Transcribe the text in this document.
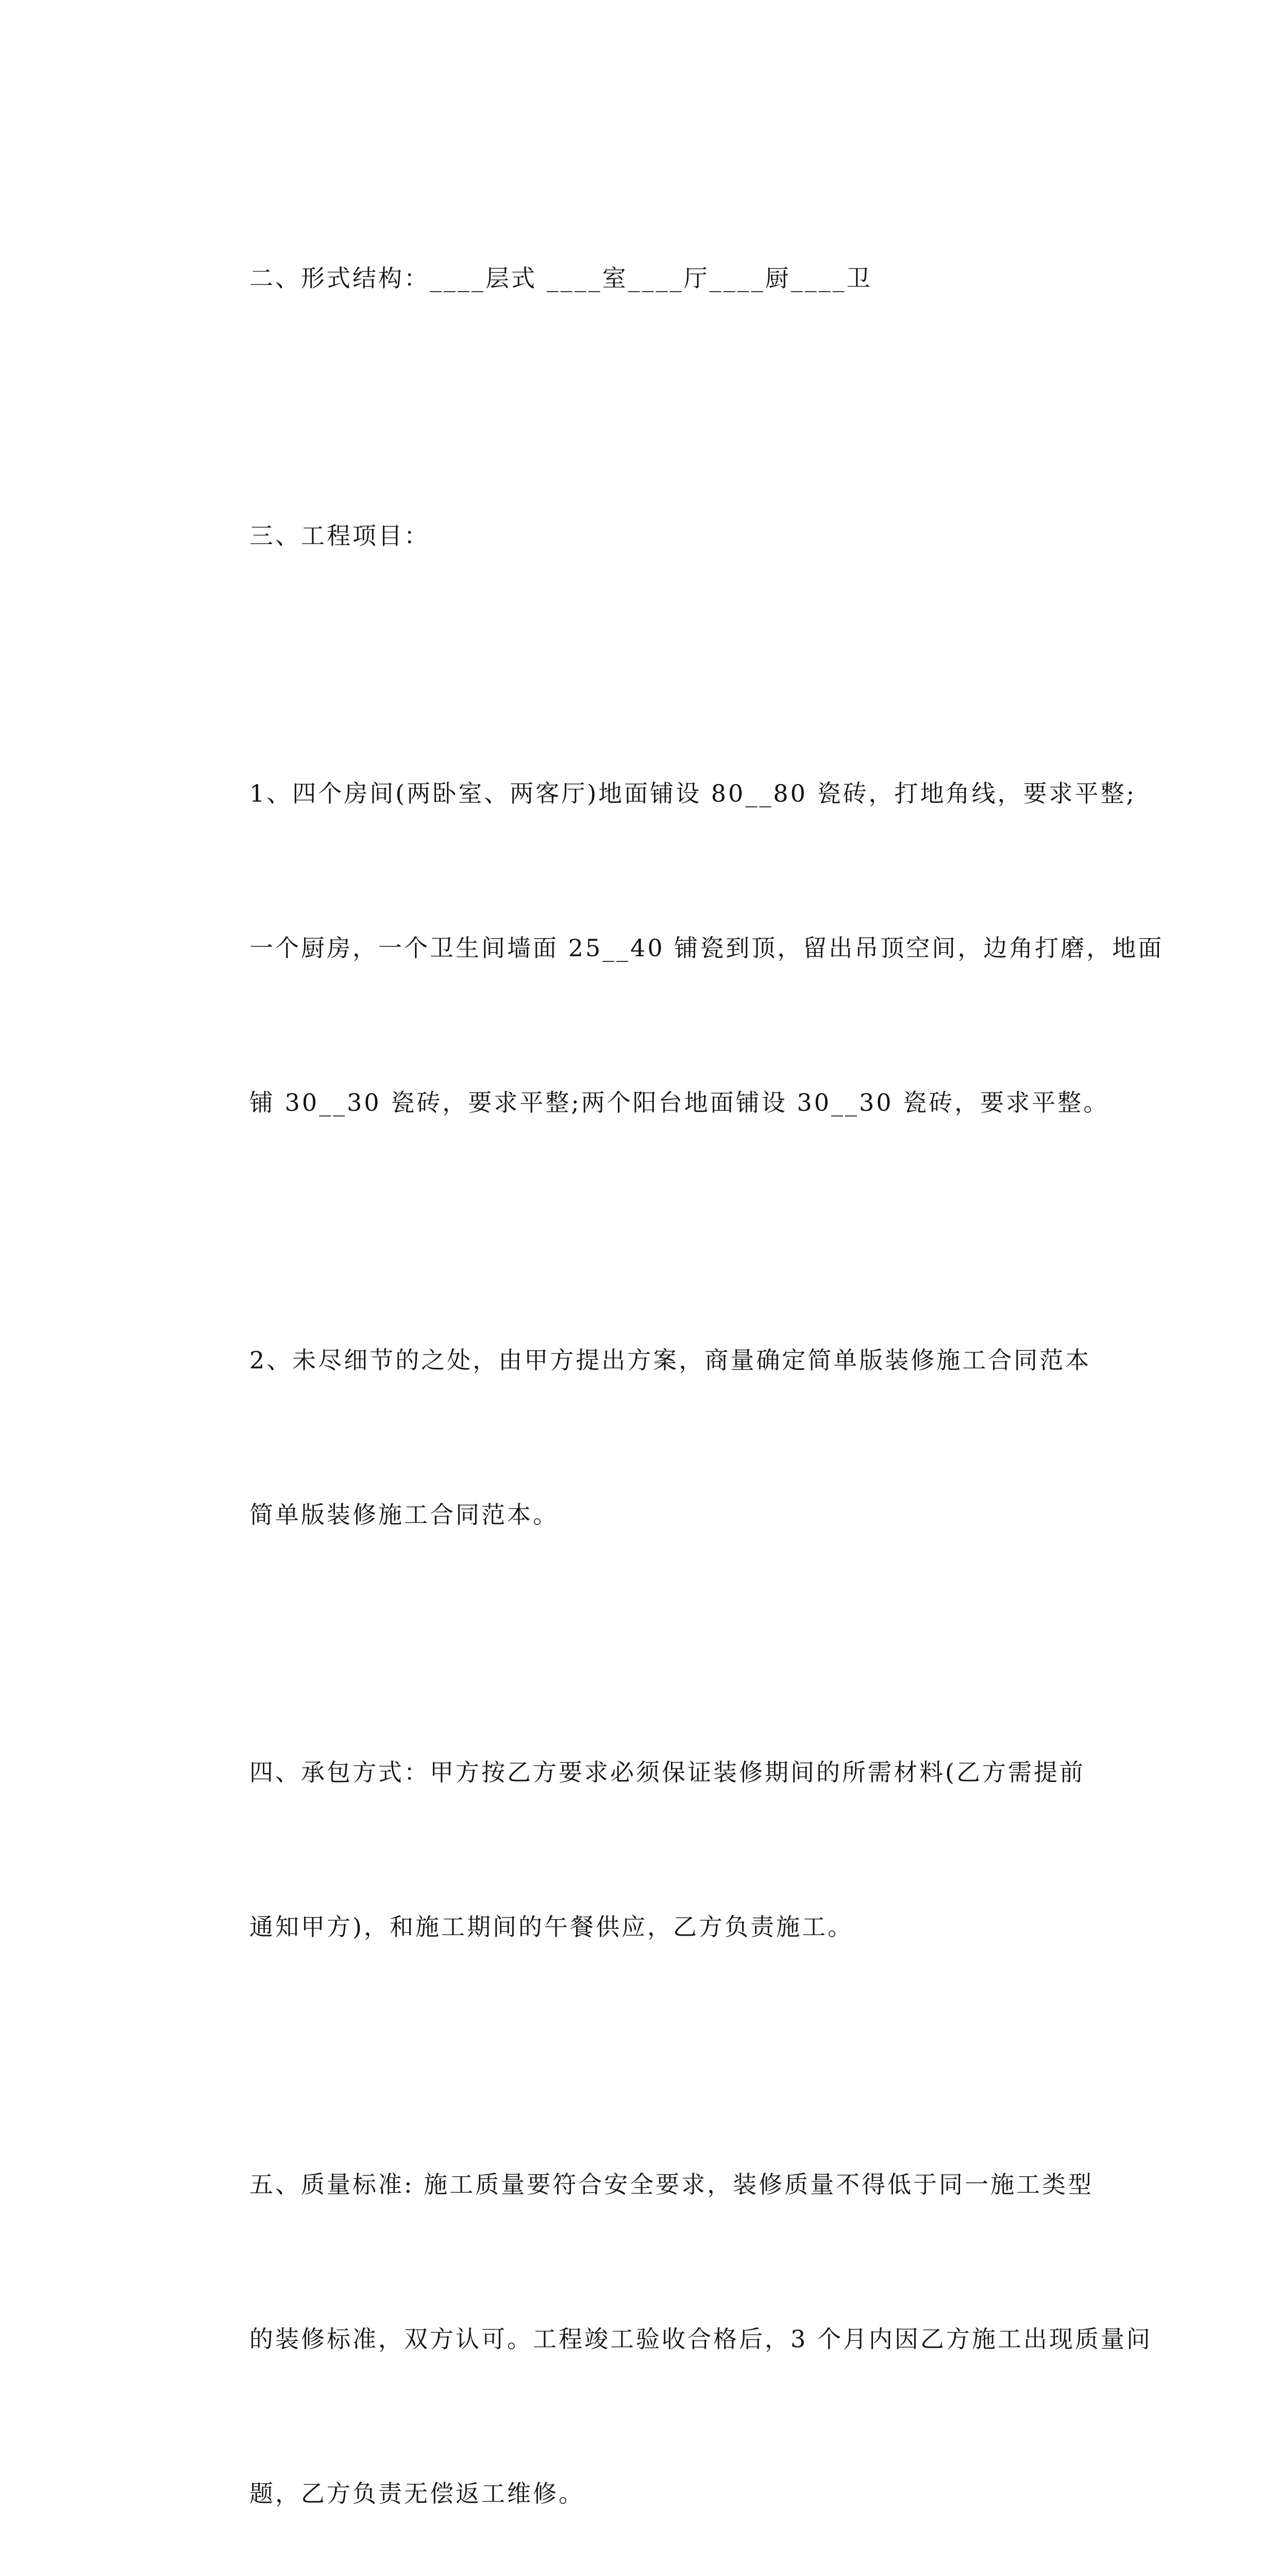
二、形式结构：____层式 ____室____厅____厨____卫

三、工程项目：

1、四个房间(两卧室、两客厅)地面铺设 80__80 瓷砖，打地角线，要求平整;

一个厨房，一个卫生间墙面 25__40 铺瓷到顶，留出吊顶空间，边角打磨，地面

铺 30__30 瓷砖，要求平整;两个阳台地面铺设 30__30 瓷砖，要求平整。

2、未尽细节的之处，由甲方提出方案，商量确定简单版装修施工合同范本

简单版装修施工合同范本。

四、承包方式：甲方按乙方要求必须保证装修期间的所需材料(乙方需提前

通知甲方)，和施工期间的午餐供应，乙方负责施工。

五、质量标准: 施工质量要符合安全要求，装修质量不得低于同一施工类型

的装修标准，双方认可。工程竣工验收合格后，3 个月内因乙方施工出现质量问

题，乙方负责无偿返工维修。
